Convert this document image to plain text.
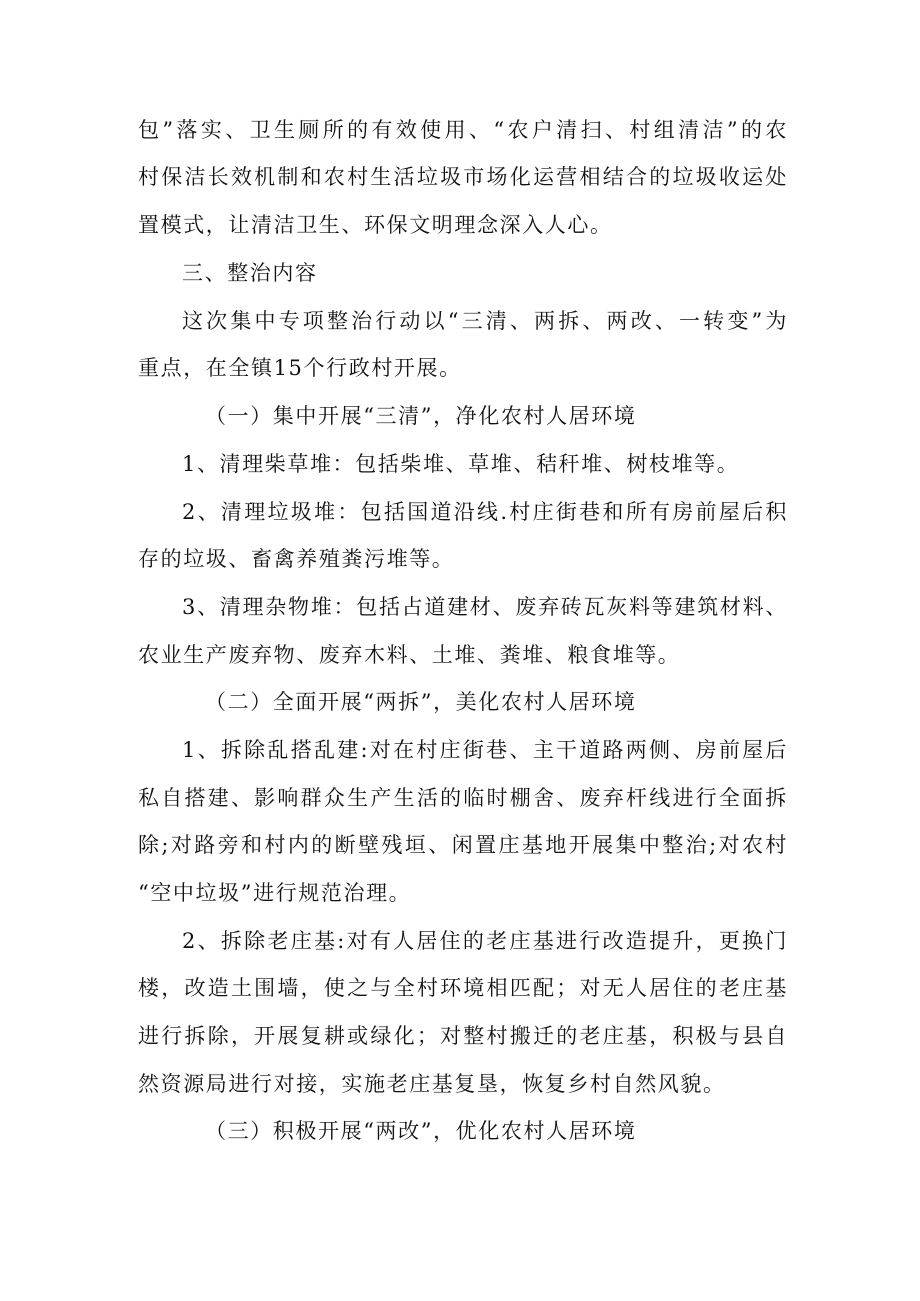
包”落实、卫生厕所的有效使用、“农户清扫、村组清洁”的农
村保洁长效机制和农村生活垃圾市场化运营相结合的垃圾收运处
置模式，让清洁卫生、环保文明理念深入人心。
三、整治内容
这次集中专项整治行动以“三清、两拆、两改、一转变”为
重点，在全镇15个行政村开展。
（一）集中开展“三清”，净化农村人居环境
1、清理柴草堆：包括柴堆、草堆、秸秆堆、树枝堆等。
2、清理垃圾堆：包括国道沿线.村庄街巷和所有房前屋后积
存的垃圾、畜禽养殖粪污堆等。
3、清理杂物堆：包括占道建材、废弃砖瓦灰料等建筑材料、
农业生产废弃物、废弃木料、土堆、粪堆、粮食堆等。
（二）全面开展“两拆”，美化农村人居环境
1、拆除乱搭乱建:对在村庄街巷、主干道路两侧、房前屋后
私自搭建、影响群众生产生活的临时棚舍、废弃杆线进行全面拆
除;对路旁和村内的断壁残垣、闲置庄基地开展集中整治;对农村
“空中垃圾”进行规范治理。
2、拆除老庄基:对有人居住的老庄基进行改造提升，更换门
楼，改造土围墙，使之与全村环境相匹配；对无人居住的老庄基
进行拆除，开展复耕或绿化；对整村搬迁的老庄基，积极与县自
然资源局进行对接，实施老庄基复垦，恢复乡村自然风貌。
（三）积极开展“两改”，优化农村人居环境
